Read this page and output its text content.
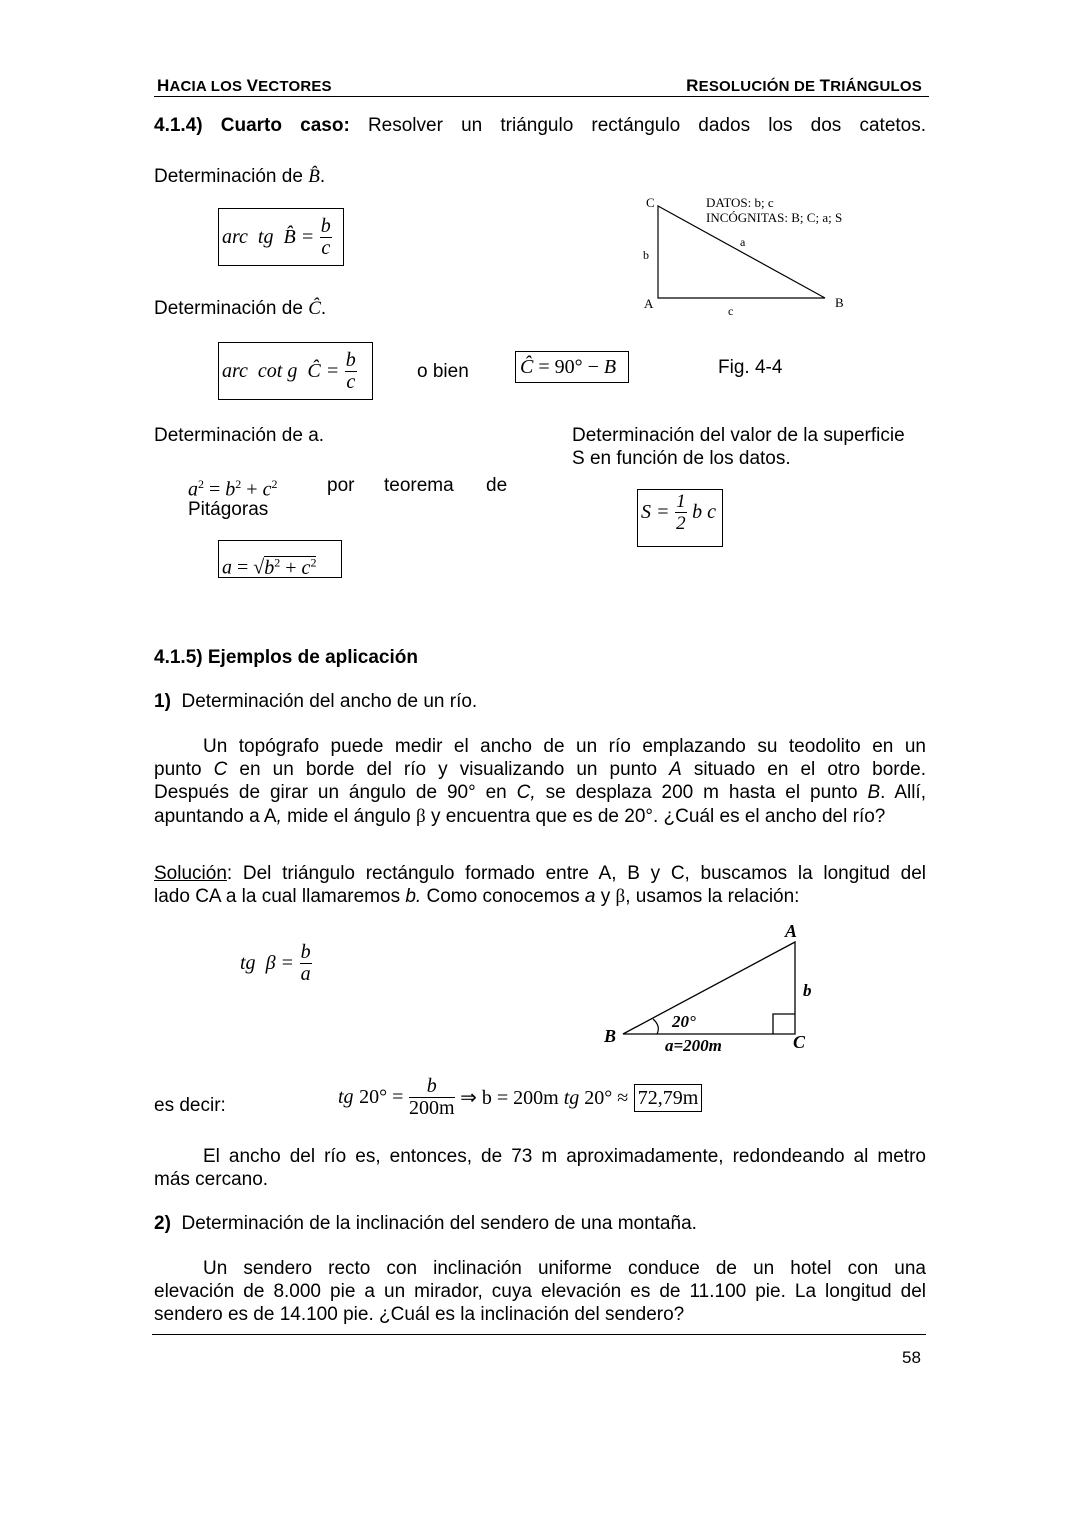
HACIA LOS VECTORES	RESOLUCIÓN DE TRIÁNGULOS
4.1.4) Cuarto caso: Resolver un triángulo rectángulo dados los dos catetos.
Determinación de B̂.
arc tg B̂ = $\frac{b}{c}$
Determinación de Ĉ.
arc cot g Ĉ = $\frac{b}{c}$	o bien	Ĉ = 90° − B
C
A	B
b
c
a
DATOS: b; c
INCÓGNITAS: B; C; a; S
Fig. 4-4
Determinación de a.
$a^2 = b^2 + c^2$	por teorema de
Pitágoras
$a = √b^2 + c^2$
Determinación del valor de la superficie
S en función de los datos.
$S = \frac{1}{2}$ b c
4.1.5) Ejemplos de aplicación
1) Determinación del ancho de un río.
Un topógrafo puede medir el ancho de un río emplazando su teodolito en un
punto C en un borde del río y visualizando un punto A situado en el otro borde.
Después de girar un ángulo de 90° en C, se desplaza 200 m hasta el punto B. Allí,
apuntando a A, mide el ángulo β y encuentra que es de 20°. ¿Cuál es el ancho del río?
Solución: Del triángulo rectángulo formado entre A, B y C, buscamos la longitud del
lado CA a la cual llamaremos b. Como conocemos a y β, usamos la relación:
tg $\beta = \frac{b}{a}$
A
B	C
b
20°
a=200m
es decir:	tg $20^\circ = \frac{b}{200m}$ ⇒ b = 200m tg 20° ≈ 72,79m
El ancho del río es, entonces, de 73 m aproximadamente, redondeando al metro
más cercano.
2) Determinación de la inclinación del sendero de una montaña.
Un sendero recto con inclinación uniforme conduce de un hotel con una
elevación de 8.000 pie a un mirador, cuya elevación es de 11.100 pie. La longitud del
sendero es de 14.100 pie. ¿Cuál es la inclinación del sendero?
58
